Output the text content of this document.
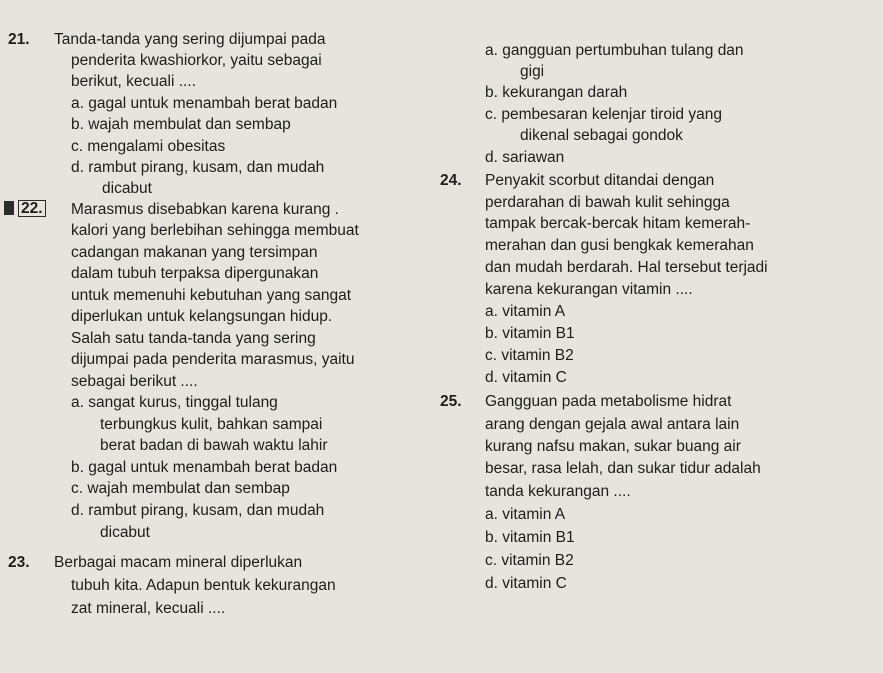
21. Tanda-tanda yang sering dijumpai pada
penderita kwashiorkor, yaitu sebagai
berikut, kecuali ....
a. gagal untuk menambah berat badan
b. wajah membulat dan sembap
c. mengalami obesitas
d. rambut pirang, kusam, dan mudah
dicabut
22. Marasmus disebabkan karena kurang .
kalori yang berlebihan sehingga membuat
cadangan makanan yang tersimpan
dalam tubuh terpaksa dipergunakan
untuk memenuhi kebutuhan yang sangat
diperlukan untuk kelangsungan hidup.
Salah satu tanda-tanda yang sering
dijumpai pada penderita marasmus, yaitu
sebagai berikut ....
a. sangat kurus, tinggal tulang
terbungkus kulit, bahkan sampai
berat badan di bawah waktu lahir
b. gagal untuk menambah berat badan
c. wajah membulat dan sembap
d. rambut pirang, kusam, dan mudah
dicabut
23. Berbagai macam mineral diperlukan
tubuh kita. Adapun bentuk kekurangan
zat mineral, kecuali ....
a. gangguan pertumbuhan tulang dan
gigi
b. kekurangan darah
c. pembesaran kelenjar tiroid yang
dikenal sebagai gondok
d. sariawan
24. Penyakit scorbut ditandai dengan
perdarahan di bawah kulit sehingga
tampak bercak-bercak hitam kemerah-
merahan dan gusi bengkak kemerahan
dan mudah berdarah. Hal tersebut terjadi
karena kekurangan vitamin ....
a. vitamin A
b. vitamin B1
c. vitamin B2
d. vitamin C
25. Gangguan pada metabolisme hidrat
arang dengan gejala awal antara lain
kurang nafsu makan, sukar buang air
besar, rasa lelah, dan sukar tidur adalah
tanda kekurangan ....
a. vitamin A
b. vitamin B1
c. vitamin B2
d. vitamin C
